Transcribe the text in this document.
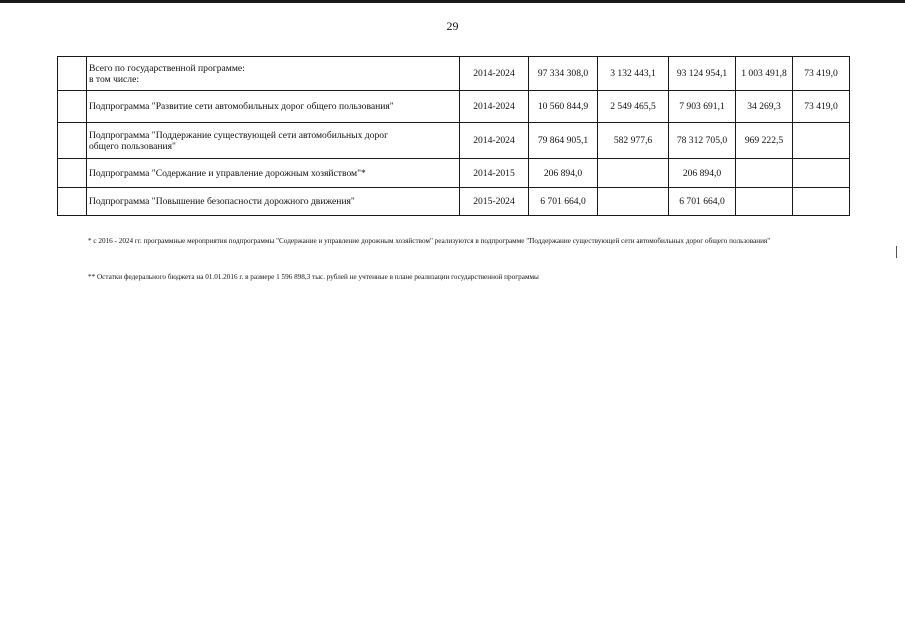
29
	Всего по государственной программе:
в том числе:	2014-2024	97 334 308,0	3 132 443,1	93 124 954,1	1 003 491,8	73 419,0
	Подпрограмма "Развитие сети автомобильных дорог общего пользования"	2014-2024	10 560 844,9	2 549 465,5	7 903 691,1	34 269,3	73 419,0
	Подпрограмма "Поддержание существующей сети автомобильных дорог
общего пользования"	2014-2024	79 864 905,1	582 977,6	78 312 705,0	969 222,5	
	Подпрограмма "Содержание и управление дорожным хозяйством"*	2014-2015	206 894,0		206 894,0		
	Подпрограмма "Повышение безопасности дорожного движения"	2015-2024	6 701 664,0		6 701 664,0		
* с 2016 - 2024 гг. программные мероприятия подпрограммы "Содержание и управление дорожным хозяйством" реализуются в подпрограмме "Поддержание существующей сети автомобильных дорог общего пользования"
** Остатки федерального бюджета на 01.01.2016 г. в размере 1 596 898,3 тыс. рублей не учтенные в плане реализации государственной программы
